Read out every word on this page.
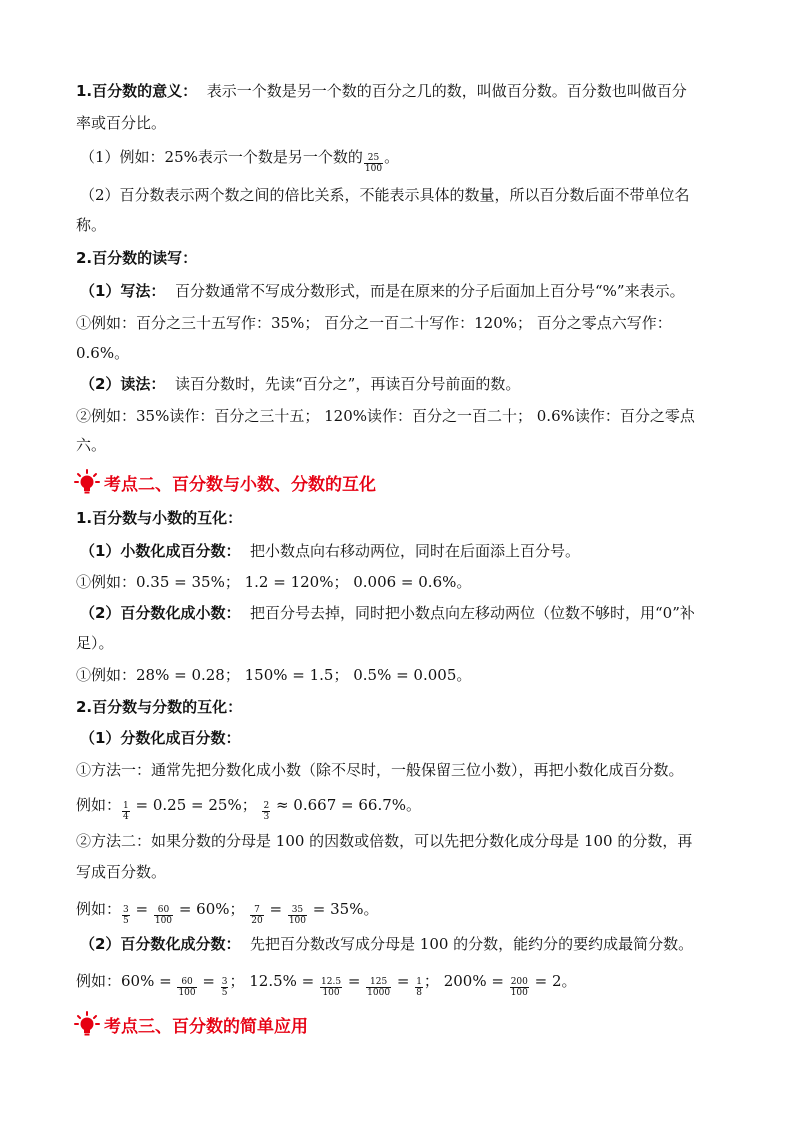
1.百分数的意义： 表示一个数是另一个数的百分之几的数，叫做百分数。百分数也叫做百分
率或百分比。
（1）例如：25%表示一个数是另一个数的 $\frac{25}{100}$ 。
（2）百分数表示两个数之间的倍比关系，不能表示具体的数量，所以百分数后面不带单位名
称。
2.百分数的读写：
（1）写法： 百分数通常不写成分数形式，而是在原来的分子后面加上百分号“%”来表示。
①例如：百分之三十五写作：35%； 百分之一百二十写作：120%； 百分之零点六写作：
0.6%。
（2）读法： 读百分数时，先读“百分之”，再读百分号前面的数。
②例如：35%读作：百分之三十五； 120%读作：百分之一百二十； 0.6%读作：百分之零点
六。
考点二、百分数与小数、分数的互化
1.百分数与小数的互化：
（1）小数化成百分数： 把小数点向右移动两位，同时在后面添上百分号。
①例如：0.35 = 35%； 1.2 = 120%； 0.006 = 0.6%。
（2）百分数化成小数： 把百分号去掉，同时把小数点向左移动两位（位数不够时，用“0”补
足）。
①例如：28% = 0.28； 150% = 1.5； 0.5% = 0.005。
2.百分数与分数的互化：
（1）分数化成百分数：
①方法一：通常先把分数化成小数（除不尽时，一般保留三位小数），再把小数化成百分数。
例如： $\frac{1}{4} = 0.25 = 25\%$； $\frac{2}{3} \approx 0.667 = 66.7\%$。
②方法二：如果分数的分母是 100 的因数或倍数，可以先把分数化成分母是 100 的分数，再
写成百分数。
例如： $\frac{3}{5} = \frac{60}{100} = 60\%$； $\frac{7}{20} = \frac{35}{100} = 35\%$。
（2）百分数化成分数： 先把百分数改写成分母是 100 的分数，能约分的要约成最简分数。
例如：$60\% = \frac{60}{100} = \frac{3}{5}$ ； $12.5\% = \frac{12.5}{100} = \frac{125}{1000} = \frac{1}{8}$ ； $200\% = \frac{200}{100} = 2$。
考点三、百分数的简单应用
